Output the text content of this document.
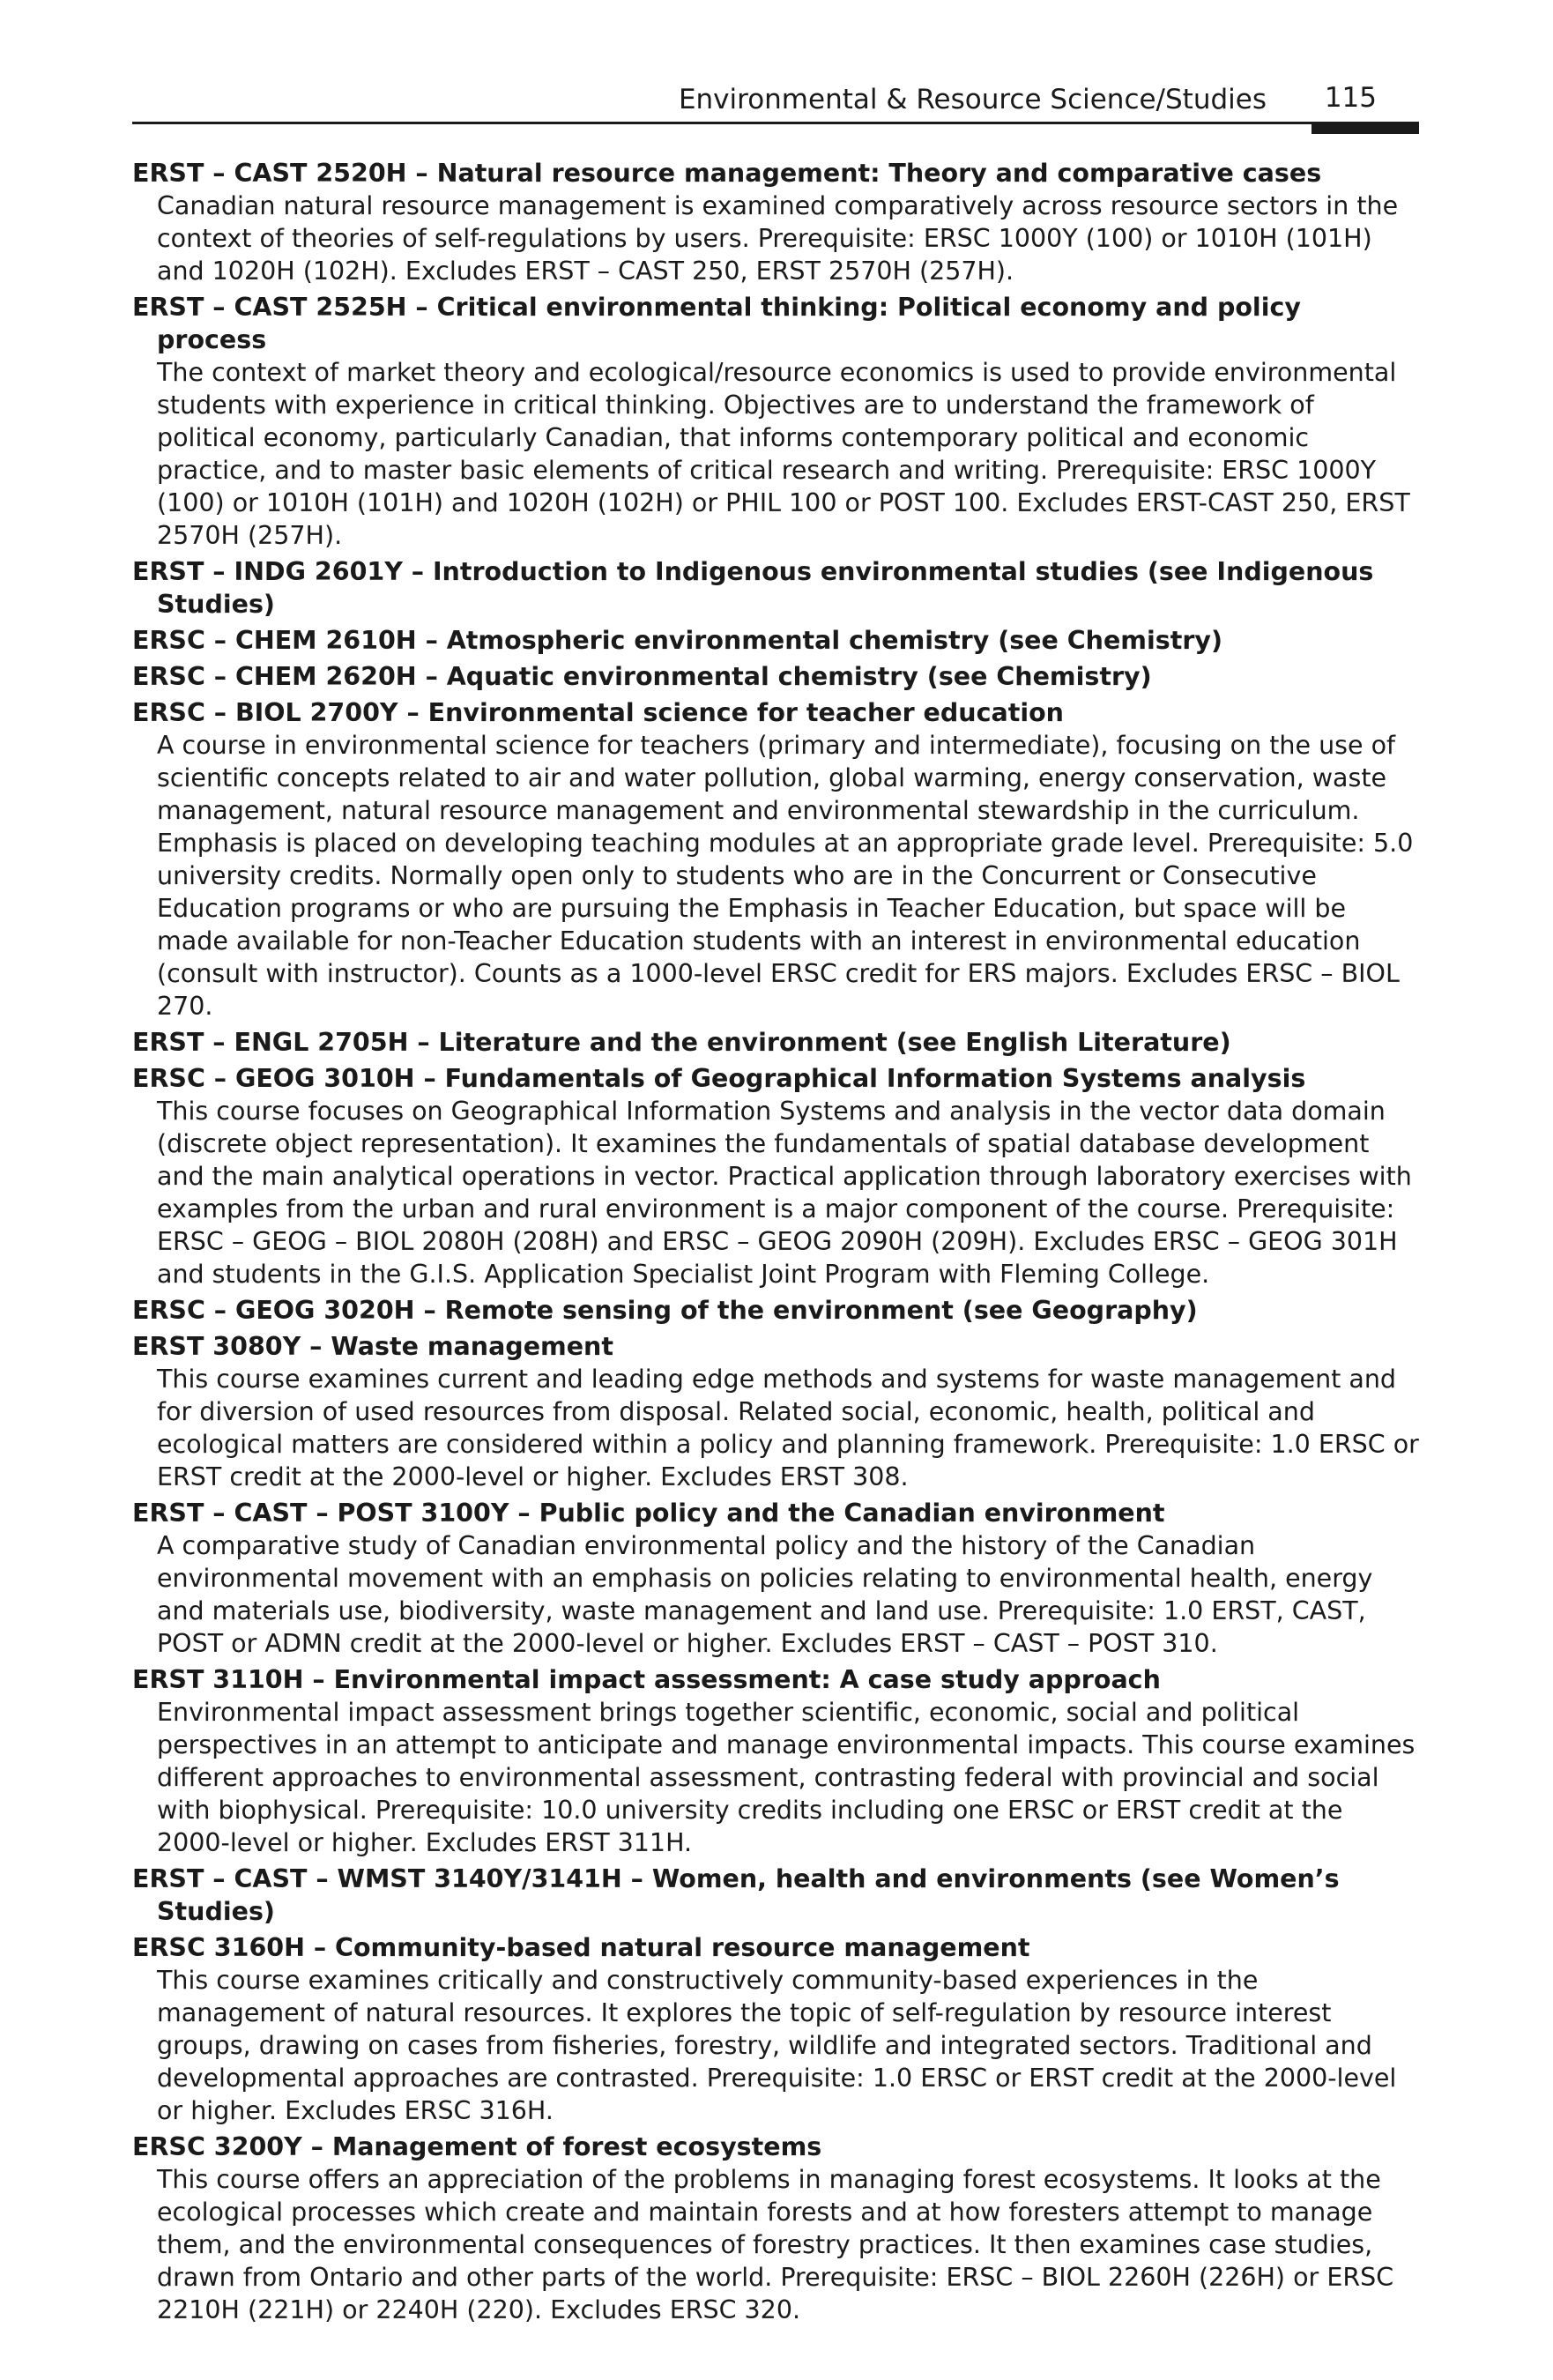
Environmental & Resource Science/Studies 115
ERST – CAST 2520H – Natural resource management: Theory and comparative cases
Canadian natural resource management is examined comparatively across resource sectors in the context of theories of self-regulations by users. Prerequisite: ERSC 1000Y (100) or 1010H (101H) and 1020H (102H). Excludes ERST – CAST 250, ERST 2570H (257H).
ERST – CAST 2525H – Critical environmental thinking: Political economy and policy process
The context of market theory and ecological/resource economics is used to provide environmental students with experience in critical thinking. Objectives are to understand the framework of political economy, particularly Canadian, that informs contemporary political and economic practice, and to master basic elements of critical research and writing. Prerequisite: ERSC 1000Y (100) or 1010H (101H) and 1020H (102H) or PHIL 100 or POST 100. Excludes ERST-CAST 250, ERST 2570H (257H).
ERST – INDG 2601Y – Introduction to Indigenous environmental studies (see Indigenous Studies)
ERSC – CHEM 2610H – Atmospheric environmental chemistry (see Chemistry)
ERSC – CHEM 2620H – Aquatic environmental chemistry (see Chemistry)
ERSC – BIOL 2700Y – Environmental science for teacher education
A course in environmental science for teachers (primary and intermediate), focusing on the use of scientific concepts related to air and water pollution, global warming, energy conservation, waste management, natural resource management and environmental stewardship in the curriculum. Emphasis is placed on developing teaching modules at an appropriate grade level. Prerequisite: 5.0 university credits. Normally open only to students who are in the Concurrent or Consecutive Education programs or who are pursuing the Emphasis in Teacher Education, but space will be made available for non-Teacher Education students with an interest in environmental education (consult with instructor). Counts as a 1000-level ERSC credit for ERS majors. Excludes ERSC – BIOL 270.
ERST – ENGL 2705H – Literature and the environment (see English Literature)
ERSC – GEOG 3010H – Fundamentals of Geographical Information Systems analysis
This course focuses on Geographical Information Systems and analysis in the vector data domain (discrete object representation). It examines the fundamentals of spatial database development and the main analytical operations in vector. Practical application through laboratory exercises with examples from the urban and rural environment is a major component of the course. Prerequisite: ERSC – GEOG – BIOL 2080H (208H) and ERSC – GEOG 2090H (209H). Excludes ERSC – GEOG 301H and students in the G.I.S. Application Specialist Joint Program with Fleming College.
ERSC – GEOG 3020H – Remote sensing of the environment (see Geography)
ERST 3080Y – Waste management
This course examines current and leading edge methods and systems for waste management and for diversion of used resources from disposal. Related social, economic, health, political and ecological matters are considered within a policy and planning framework. Prerequisite: 1.0 ERSC or ERST credit at the 2000-level or higher. Excludes ERST 308.
ERST – CAST – POST 3100Y – Public policy and the Canadian environment
A comparative study of Canadian environmental policy and the history of the Canadian environmental movement with an emphasis on policies relating to environmental health, energy and materials use, biodiversity, waste management and land use. Prerequisite: 1.0 ERST, CAST, POST or ADMN credit at the 2000-level or higher. Excludes ERST – CAST – POST 310.
ERST 3110H – Environmental impact assessment: A case study approach
Environmental impact assessment brings together scientific, economic, social and political perspectives in an attempt to anticipate and manage environmental impacts. This course examines different approaches to environmental assessment, contrasting federal with provincial and social with biophysical. Prerequisite: 10.0 university credits including one ERSC or ERST credit at the 2000-level or higher. Excludes ERST 311H.
ERST – CAST – WMST 3140Y/3141H – Women, health and environments (see Women’s Studies)
ERSC 3160H – Community-based natural resource management
This course examines critically and constructively community-based experiences in the management of natural resources. It explores the topic of self-regulation by resource interest groups, drawing on cases from fisheries, forestry, wildlife and integrated sectors. Traditional and developmental approaches are contrasted. Prerequisite: 1.0 ERSC or ERST credit at the 2000-level or higher. Excludes ERSC 316H.
ERSC 3200Y – Management of forest ecosystems
This course offers an appreciation of the problems in managing forest ecosystems. It looks at the ecological processes which create and maintain forests and at how foresters attempt to manage them, and the environmental consequences of forestry practices. It then examines case studies, drawn from Ontario and other parts of the world. Prerequisite: ERSC – BIOL 2260H (226H) or ERSC 2210H (221H) or 2240H (220). Excludes ERSC 320.
